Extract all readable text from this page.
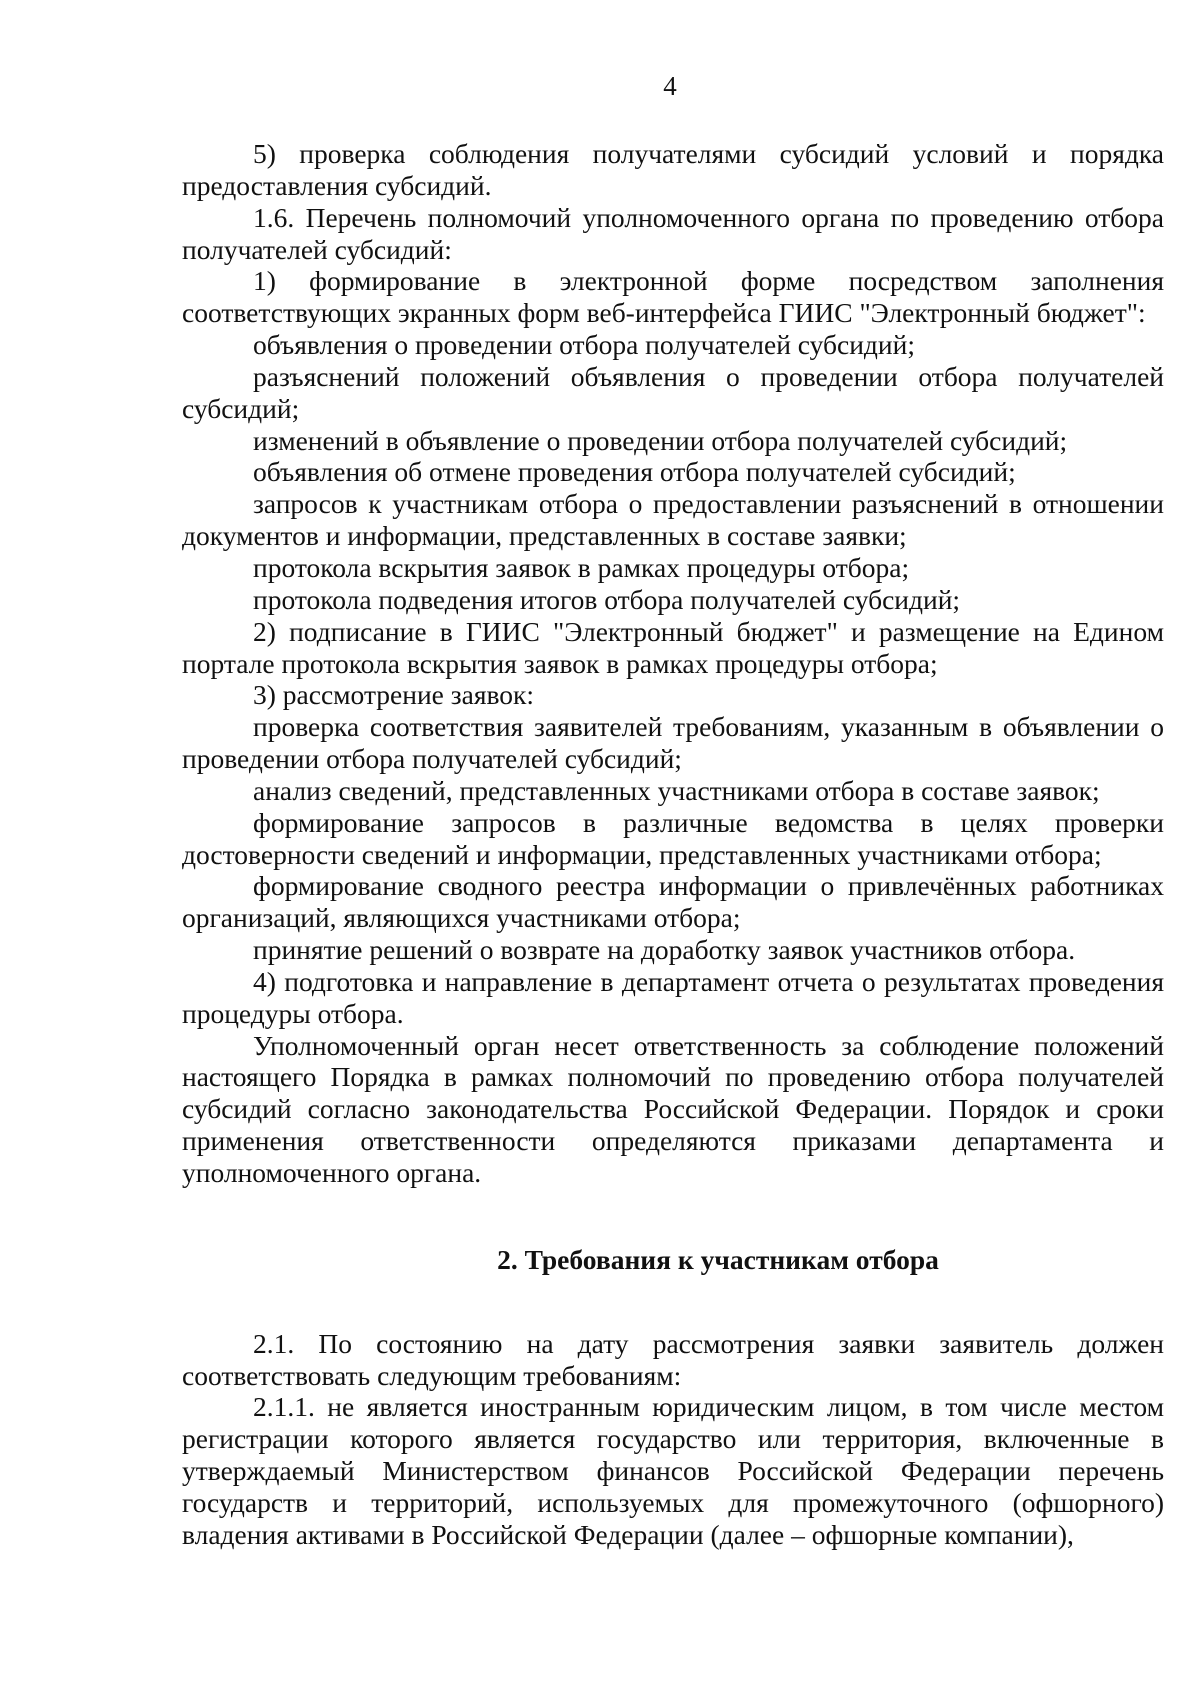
4

5) проверка соблюдения получателями субсидий условий и порядка предоставления субсидий.

1.6. Перечень полномочий уполномоченного органа по проведению отбора получателей субсидий:

1) формирование в электронной форме посредством заполнения соответствующих экранных форм веб-интерфейса ГИИС "Электронный бюджет":

объявления о проведении отбора получателей субсидий;

разъяснений положений объявления о проведении отбора получателей субсидий;

изменений в объявление о проведении отбора получателей субсидий;

объявления об отмене проведения отбора получателей субсидий;

запросов к участникам отбора о предоставлении разъяснений в отношении документов и информации, представленных в составе заявки;

протокола вскрытия заявок в рамках процедуры отбора;

протокола подведения итогов отбора получателей субсидий;

2) подписание в ГИИС "Электронный бюджет" и размещение на Едином портале протокола вскрытия заявок в рамках процедуры отбора;

3) рассмотрение заявок:

проверка соответствия заявителей требованиям, указанным в объявлении о проведении отбора получателей субсидий;

анализ сведений, представленных участниками отбора в составе заявок;

формирование запросов в различные ведомства в целях проверки достоверности сведений и информации, представленных участниками отбора;

формирование сводного реестра информации о привлечённых работниках организаций, являющихся участниками отбора;

принятие решений о возврате на доработку заявок участников отбора.

4) подготовка и направление в департамент отчета о результатах проведения процедуры отбора.

Уполномоченный орган несет ответственность за соблюдение положений настоящего Порядка в рамках полномочий по проведению отбора получателей субсидий согласно законодательства Российской Федерации. Порядок и сроки применения ответственности определяются приказами департамента и уполномоченного органа.

2. Требования к участникам отбора

2.1. По состоянию на дату рассмотрения заявки заявитель должен соответствовать следующим требованиям:

2.1.1. не является иностранным юридическим лицом, в том числе местом регистрации которого является государство или территория, включенные в утверждаемый Министерством финансов Российской Федерации перечень государств и территорий, используемых для промежуточного (офшорного) владения активами в Российской Федерации (далее – офшорные компании),
